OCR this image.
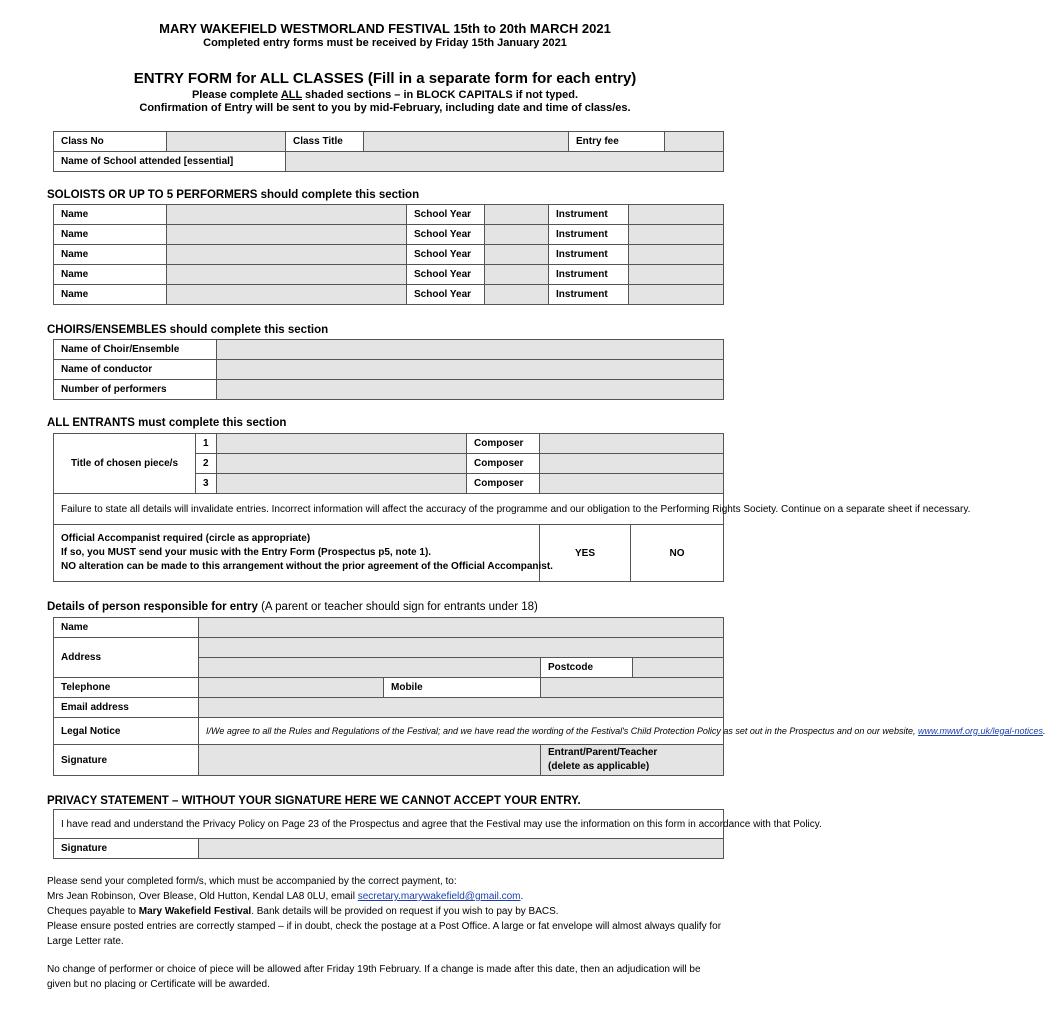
MARY WAKEFIELD WESTMORLAND FESTIVAL 15th to 20th MARCH 2021
Completed entry forms must be received by Friday 15th January 2021
ENTRY FORM for ALL CLASSES (Fill in a separate form for each entry)
Please complete ALL shaded sections – in BLOCK CAPITALS if not typed.
Confirmation of Entry will be sent to you by mid-February, including date and time of class/es.
Class No		Class Title		Entry fee	
Name of School attended [essential]					
SOLOISTS OR UP TO 5 PERFORMERS should complete this section
Name		School Year		Instrument	
Name		School Year		Instrument	
Name		School Year		Instrument	
Name		School Year		Instrument	
Name		School Year		Instrument	
CHOIRS/ENSEMBLES should complete this section
Name of Choir/Ensemble	
Name of conductor	
Number of performers	
ALL ENTRANTS must complete this section
Title of chosen piece/s	1		Composer		
	2		Composer		
	3		Composer		
Failure to state all details will invalidate entries. Incorrect information will affect the accuracy of the programme and our obligation to the Performing Rights Society. Continue on a separate sheet if necessary.					
Official Accompanist required (circle as appropriate)
If so, you MUST send your music with the Entry Form (Prospectus p5, note 1).
NO alteration can be made to this arrangement without the prior agreement of the Official Accompanist.				YES	NO
Details of person responsible for entry (A parent or teacher should sign for entrants under 18)
Name				
Address				
			Postcode	
Telephone		Mobile		
Email address				
Legal Notice	I/We agree to all the Rules and Regulations of the Festival; and we have read the wording of the Festival's Child Protection Policy as set out in the Prospectus and on our website, www.mwwf.org.uk/legal-notices.			
Signature			Entrant/Parent/Teacher
(delete as applicable)	
PRIVACY STATEMENT – WITHOUT YOUR SIGNATURE HERE WE CANNOT ACCEPT YOUR ENTRY.
I have read and understand the Privacy Policy on Page 23 of the Prospectus and agree that the Festival may use the information on this form in accordance with that Policy.
Signature	

Please send your completed form/s, which must be accompanied by the correct payment, to:

Mrs Jean Robinson, Over Blease, Old Hutton, Kendal LA8 0LU, email secretary.marywakefield@gmail.com.

Cheques payable to Mary Wakefield Festival. Bank details will be provided on request if you wish to pay by BACS.

Please ensure posted entries are correctly stamped – if in doubt, check the postage at a Post Office. A large or fat envelope will almost always qualify for Large Letter rate.

No change of performer or choice of piece will be allowed after Friday 19th February. If a change is made after this date, then an adjudication will be given but no placing or Certificate will be awarded.
